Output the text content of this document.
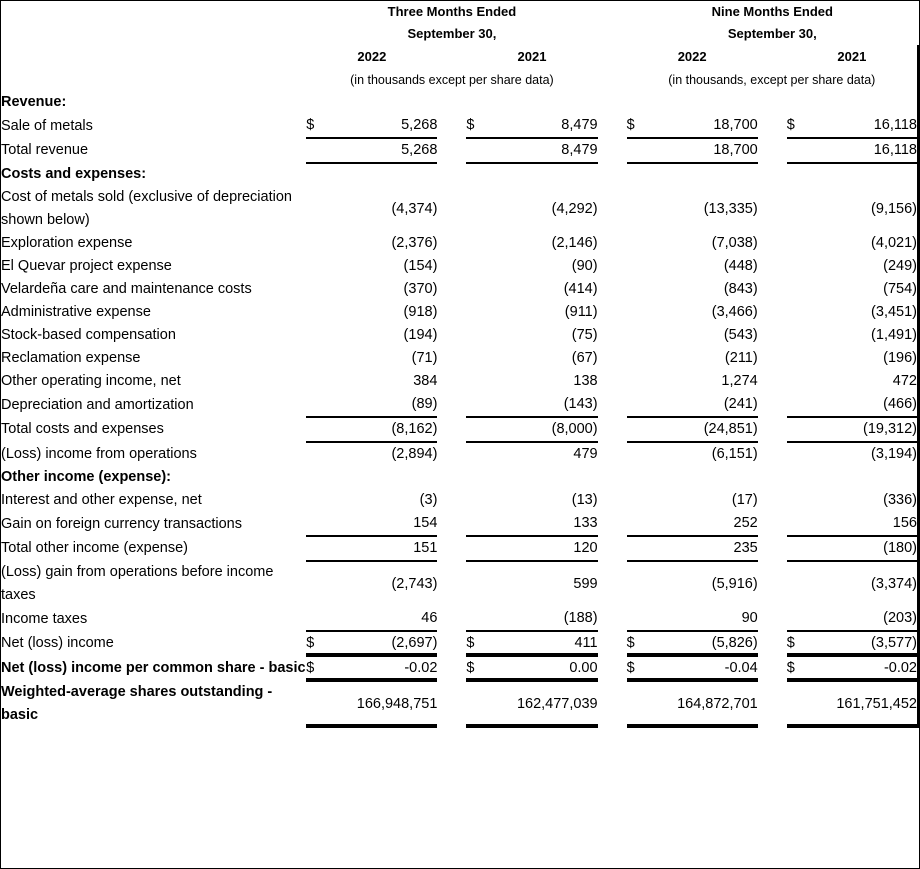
	Three Months Ended						Nine Months Ended				
	September 30,						September 30,				
	2022			2021			2022			2021	
	(in thousands except per share data)						(in thousands, except per share data)				
Revenue:											
Sale of metals	$	5,268		$	8,479		$	18,700		$	16,118
Total revenue		5,268			8,479			18,700			16,118
Costs and expenses:											
Cost of metals sold (exclusive of depreciation shown below)		(4,374)			(4,292)			(13,335)			(9,156)
Exploration expense		(2,376)			(2,146)			(7,038)			(4,021)
El Quevar project expense		(154)			(90)			(448)			(249)
Velardeña care and maintenance costs		(370)			(414)			(843)			(754)
Administrative expense		(918)			(911)			(3,466)			(3,451)
Stock-based compensation		(194)			(75)			(543)			(1,491)
Reclamation expense		(71)			(67)			(211)			(196)
Other operating income, net		384			138			1,274			472
Depreciation and amortization		(89)			(143)			(241)			(466)
Total costs and expenses		(8,162)			(8,000)			(24,851)			(19,312)
(Loss) income from operations		(2,894)			479			(6,151)			(3,194)
Other income (expense):											
Interest and other expense, net		(3)			(13)			(17)			(336)
Gain on foreign currency transactions		154			133			252			156
Total other income (expense)		151			120			235			(180)
(Loss) gain from operations before income taxes		(2,743)			599			(5,916)			(3,374)
Income taxes		46			(188)			90			(203)
Net (loss) income	$	(2,697)		$	411		$	(5,826)		$	(3,577)
Net (loss) income per common share - basic	$	-0.02		$	0.00		$	-0.04		$	-0.02
Weighted-average shares outstanding - basic		166,948,751			162,477,039			164,872,701			161,751,452
